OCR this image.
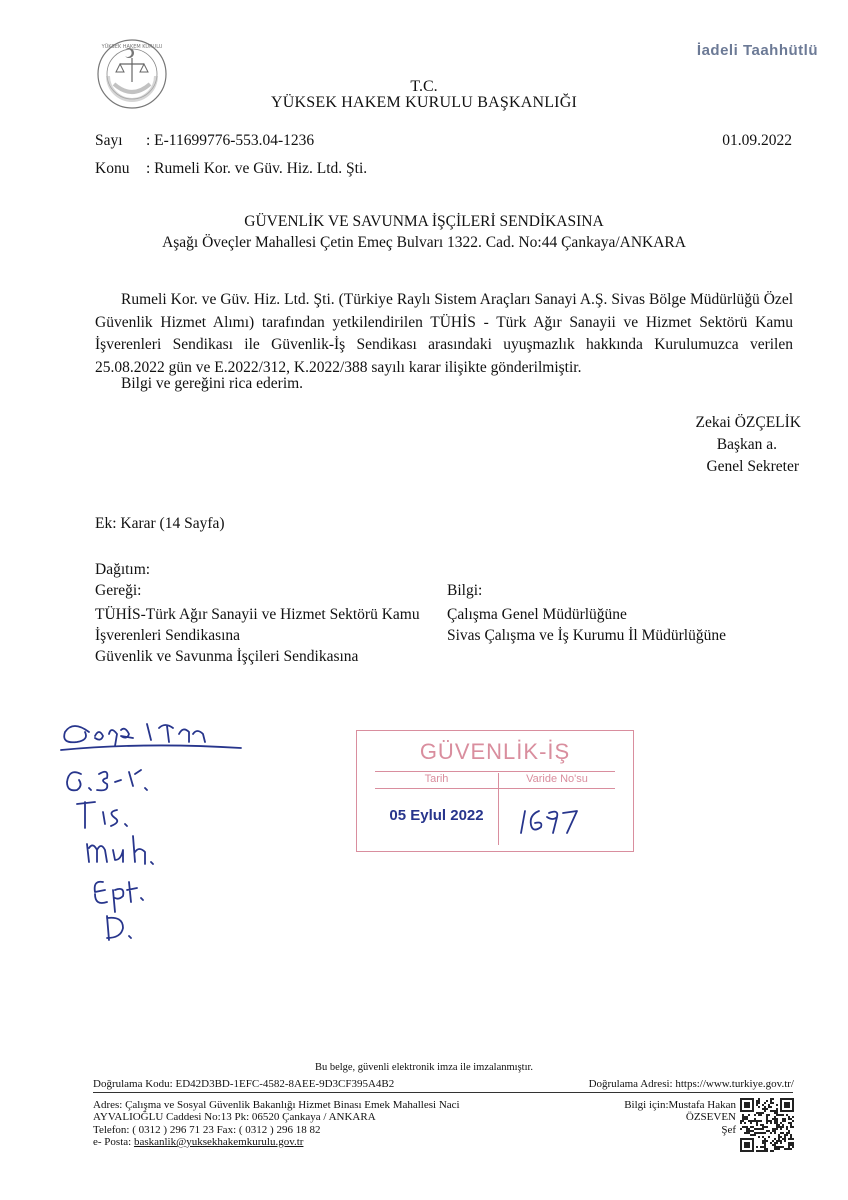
YÜKSEK HAKEM KURULU	İadeli Taahhütlü
T.C.
YÜKSEK HAKEM KURULU BAŞKANLIĞI
Sayı : E-11699776-553.04-1236	01.09.2022
Konu : Rumeli Kor. ve Güv. Hiz. Ltd. Şti.
GÜVENLİK VE SAVUNMA İŞÇİLERİ SENDİKASINA
Aşağı Öveçler Mahallesi Çetin Emeç Bulvarı 1322. Cad. No:44 Çankaya/ANKARA

Rumeli Kor. ve Güv. Hiz. Ltd. Şti. (Türkiye Raylı Sistem Araçları Sanayi A.Ş. Sivas Bölge Müdürlüğü Özel Güvenlik Hizmet Alımı) tarafından yetkilendirilen TÜHİS - Türk Ağır Sanayii ve Hizmet Sektörü Kamu İşverenleri Sendikası ile Güvenlik-İş Sendikası arasındaki uyuşmazlık hakkında Kurulumuzca verilen 25.08.2022 gün ve E.2022/312, K.2022/388 sayılı karar ilişikte gönderilmiştir.

Bilgi ve gereğini rica ederim.
Zekai ÖZÇELİK
Başkan a.
Genel Sekreter
Ek: Karar (14 Sayfa)
Dağıtım:
Gereği:	Bilgi:
TÜHİS-Türk Ağır Sanayii ve Hizmet Sektörü Kamu
İşverenleri Sendikasına
Güvenlik ve Savunma İşçileri Sendikasına
Çalışma Genel Müdürlüğüne
Sivas Çalışma ve İş Kurumu İl Müdürlüğüne
GÜVENLİK-İŞ
Tarih	Varide No'su
05 Eylul 2022
Bu belge, güvenli elektronik imza ile imzalanmıştır.
Doğrulama Kodu: ED42D3BD-1EFC-4582-8AEE-9D3CF395A4B2	Doğrulama Adresi: https://www.turkiye.gov.tr/
Adres: Çalışma ve Sosyal Güvenlik Bakanlığı Hizmet Binası Emek Mahallesi Naci
AYVALIOĞLU Caddesi No:13 Pk: 06520 Çankaya / ANKARA
Telefon: ( 0312 ) 296 71 23 Fax: ( 0312 ) 296 18 82
e- Posta: baskanlik@yuksekhakemkurulu.gov.tr
Bilgi için:Mustafa Hakan
ÖZSEVEN
Şef
